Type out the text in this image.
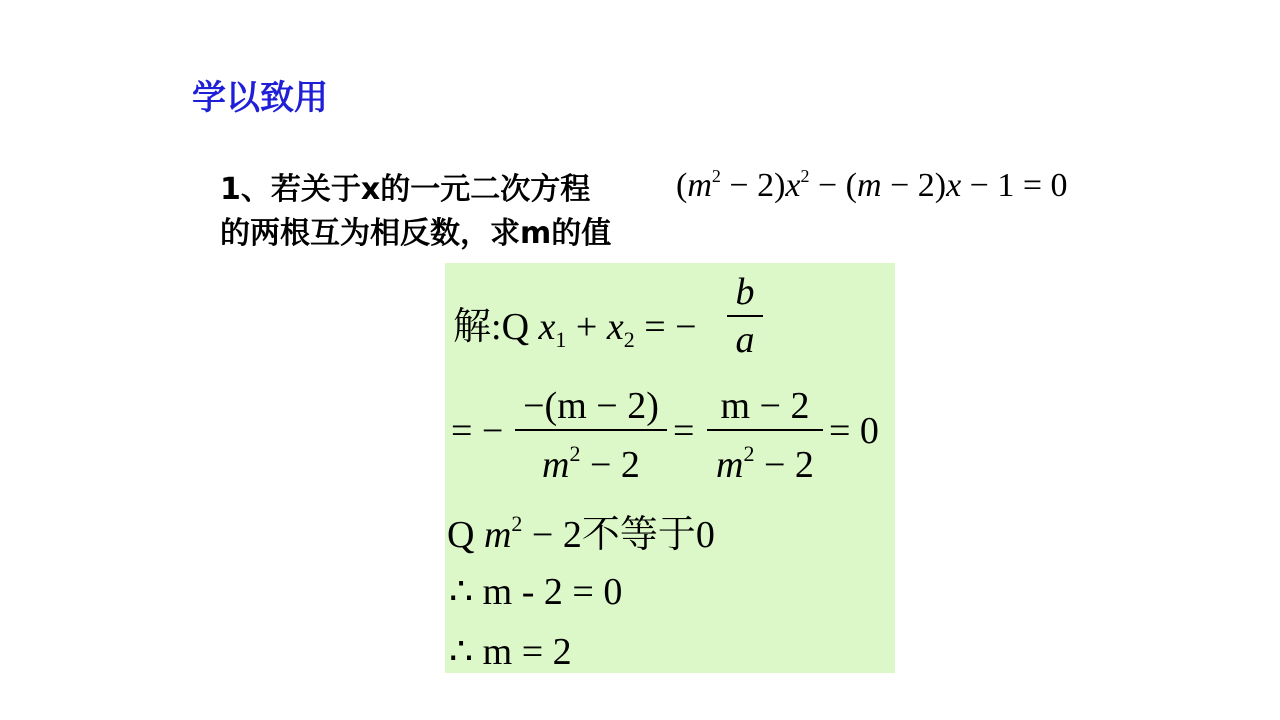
学以致用
1、若关于x的一元二次方程
的两根互为相反数，求m的值
$(m^2 - 2)x^2 - (m - 2)x - 1 = 0$
解:Q $x_1 + x_2$ = −
b
a
= −
−(m − 2)
$m^2 - 2$
=
m − 2
$m^2 - 2$
= 0
Q $m^2 - 2$不等于0
∴ m - 2 = 0
∴ m = 2
